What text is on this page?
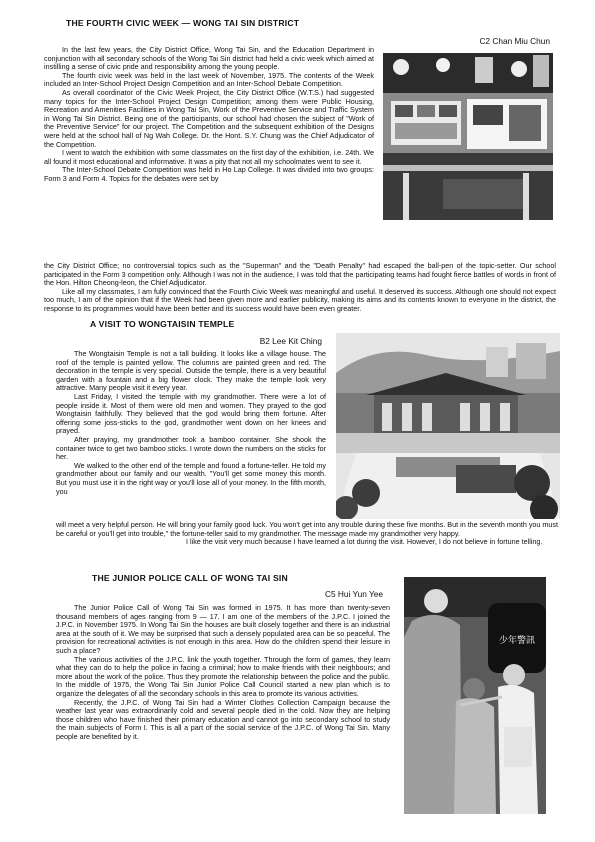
THE FOURTH CIVIC WEEK — WONG TAI SIN DISTRICT
C2 Chan Miu Chun

In the last few years, the City District Office, Wong Tai Sin, and the Education Department in conjunction with all secondary schools of the Wong Tai Sin district had held a civic week which aimed at instilling a sense of civic pride and responsibility among the young people.

The fourth civic week was held in the last week of November, 1975. The contents of the Week included an Inter-School Project Design Competition and an Inter-School Debate Competition.

As overall coordinator of the Civic Week Project, the City District Office (W.T.S.) had suggested many topics for the Inter-School Project Design Competition; among them were Public Housing, Recreation and Amenities Facilities in Wong Tai Sin, Work of the Preventive Service and Traffic System in Wong Tai Sin District. Being one of the participants, our school had chosen the subject of "Work of the Preventive Service" for our project. The Competition and the subsequent exhibition of the Designs were held at the school hall of Ng Wah College. Dr. the Hont. S.Y. Chung was the Chief Adjudicator of the Competition.

I went to watch the exhibition with some classmates on the first day of the exhibition, i.e. 24th. We all found it most educational and informative. It was a pity that not all my schoolmates went to see it.

The Inter-School Debate Competition was held in Ho Lap College. It was divided into two groups: Form 3 and Form 4. Topics for the debates were set by

the City District Office; no controversial topics such as the "Superman" and the "Death Penalty" had escaped the ball-pen of the topic-setter. Our school participated in the Form 3 competition only. Although I was not in the audience, I was told that the participating teams had fought fierce battles of words in front of the Hon. Hilton Cheong-leon, the Chief Adjudicator.

Like all my classmates, I am fully convinced that the Fourth Civic Week was meaningful and useful. It deserved its success. Although one should not expect too much, I am of the opinion that if the Week had been given more and earlier publicity, making its aims and its contents known to everyone in the district, the response to its programmes would have been better and its success would have been even greater.

A VISIT TO WONGTAISIN TEMPLE
B2 Lee Kit Ching

The Wongtaisin Temple is not a tall building. It looks like a village house. The roof of the temple is painted yellow. The columns are painted green and red. The decoration in the temple is very special. Outside the temple, there is a very beautiful garden with a fountain and a big flower clock. They make the temple look very attractive. Many people visit it every year.

Last Friday, I visited the temple with my grandmother. There were a lot of people inside it. Most of them were old men and women. They prayed to the god Wongtaisin faithfully. They believed that the god would bring them fortune. After offering some joss-sticks to the god, grandmother went down on her knees and prayed.

After praying, my grandmother took a bamboo container. She shook the container twice to get two bamboo sticks. I wrote down the numbers on the sticks for her.

We walked to the other end of the temple and found a fortune-teller. He told my grandmother about our family and our wealth. "You'll get some money this month. But you must use it in the right way or you'll lose all of your money. In the fifth month, you

will meet a very helpful person. He will bring your family good luck. You won't get into any trouble during these five months. But in the seventh month you must be careful or you'll get into trouble," the fortune-teller said to my grandmother. The message made my grandmother very happy.

I like the visit very much because I have learned a lot during the visit. However, I do not believe in fortune telling.

THE JUNIOR POLICE CALL OF WONG TAI SIN
C5 Hui Yun Yee

The Junior Police Call of Wong Tai Sin was formed in 1975. It has more than twenty-seven thousand members of ages ranging from 9 — 17. I am one of the members of the J.P.C. I joined the J.P.C. in November 1975. In Wong Tai Sin the houses are built closely together and there is an industrial area at the south of it. We may be surprised that such a densely populated area can be so peaceful. The provision for recreational activities is not enough in this area. How do the children spend their leisure in such a place?

The various activities of the J.P.C. link the youth together. Through the form of games, they learn what they can do to help the police in facing a criminal; how to make friends with their neighbours; and more about the work of the police. Thus they promote the relationship between the police and the public. In the middle of 1975, the Wong Tai Sin Junior Police Call Council started a new plan which is to organize the delegates of all the secondary schools in this area to promote its various activities.

Recently, the J.P.C. of Wong Tai Sin had a Winter Clothes Collection Campaign because the weather last year was extraordinarily cold and several people died in the cold. Now they are helping those children who have finished their primary education and cannot go into secondary school to study the main subjects of Form I. This is all a part of the social service of the J.P.C. of Wong Tai Sin. Many people are benefited by it.

少年警訊
